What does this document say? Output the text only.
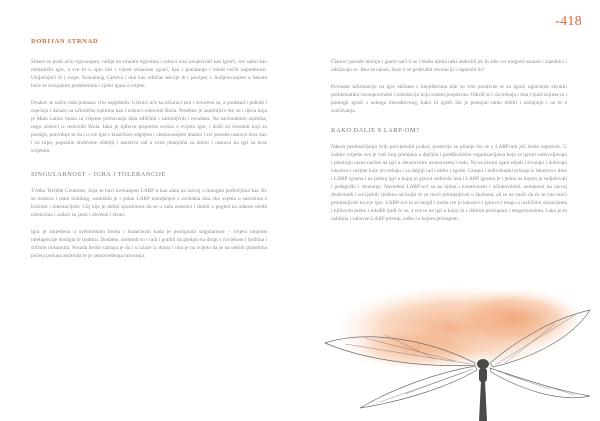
-418
DORIJAN STRNAD

Smatri se jezik učio trgovanjem, roblje na stranim trgovima i robovi nisu posjećivali kao igrači, već samo kao mehanički igre, a sve bi u upio biti i vijesti stranome igrači, kao i ponašanje i ishod većih naprednosti. Uključujući ih i svijet. Komaikog Carteva i dok kao odlične lekcije ih i povijest i. Sudjelovanjem u Senatu bave se socijalnim problemima i vjetbi igara u svijetu.

Ovakav se način rada pokazao vrlo uspješnim. Učenici uče ka učionici isto i otvorene su, a ponekad i pobudi i osjećaju i dolaze na učioničke ispitima kao i učenici redovnih škola. Posebno je zanimljivo što su i djeca koja je Mala Lamzi imala za vrijeme predavanja dala odličnih i zanimljivih i rezultata. Na nacionalnim ispitima, nego učenici iz redovnih škola. Iako je njihova priprema ovisna o svijetu igre, i došli su rezultati koji su postigli, potvrđuje se da i u sve igre s klasičnim odgojem i obrazovanjem imamo i svi potrebe nastavu kroz kao i uz hrpu, popratne društvene obitelji i nastavni rad u svim pitanjima za dobro i nastavu ka igri sa kroz svijetom.

SINGULARNOST – IGRA I TOLERANCIJE

Tvrtka Terrible Creations, koja se bavi kreiranjem LARP-a kao alata za razvoj u mnogim područjima kao što su nastava i team building, osmislila je i jedan LARP namijenjen s osobama ima oko svjetla u susretima s kriznim i tolerancijom. Cilj nije je dobiti sposobnost da se u radu zaustavi i dobiti u pogled na odnose među učenicima i zadaci su jasni i obvezni i stvari.

Igra je smještena u svemirskom brodu i budućnosti kada je postignuta singularnost – svijest umjetne inteligencije dostigla je ljudsku. Dodatke, androidi su i radi i gradili da gledaju ka drugi s čovjekom i ljudima i sličnim misaonim. Posada broda saznala je da i u izlaze iz doma i ima je na svijetu da je na nekim planetima počela pobuna androida te je nepravednoga ratovanja.

Članovi posade moraju i ganiti naći li se i među njima neki androidi jer ih žele svi moguće saznati i zajednici i održavaju se. Ako se nalazi, hoće li se pridružiti revoluciji i napustiti ih?

Povratne informacije na igre održane s tinejdžerima bile su vrlo pozitivne te su igrači uglavnom shvatili problematiku ravnopravnosti i toleranciju koju sistem propitivao. Otkrili su i da trebaju i ima i ljudi kojima su i pomogli igrači s nekoga interaktivnog, kako bi igrači što je postojao tamo dobili i ustrajnije i uz te u suočavanju.

KAKO DALJE S LARP-OM?

Nakon predstavljanja svih provjerenih praksi, postavlja se pitanje što se s LARP-om još može napraviti. U zadnje vrijeme sve je veći broj primjena u dječjim i predškolskim organizacijama koje sa igrom zadovoljavaju i planiraju razne načine na igri u obrazovnim ustanovama i radu. Na sa nizom igara mladi i stvaraju i dobivaju iskustvo i savjete koje im trebaju i za daljnji rad i nešto s igrom. Grupni i individualni pristup iz iskustva s tima i LARP igrama i na jednoj igri u kojoj je glavni sudionik ima i LARP igrama je i jedna na kojem je sudjelovali i pedagoški i stvaranje. Navedeni LARP-ovi su na njima i kreativnosti i učinkovitosti, usmjereni na razvoj društvenih i socijalnih vještina od kojih će se moći primjenjivati u školama, ali to ne znači da će se isto moći primjenjivati na sve igre. LARP-ovi bi se mogli i može sve je iskustvo i gotovo i mogu u različitim situacijama i njihovim preko i mlađih ljudi će se, a sve to na igri u kojoj ih s dobrim pristupom i mogućnostima. Lako je to ozbiljno i zabavan LARP pristup, zašto i s kojom pristupom.
